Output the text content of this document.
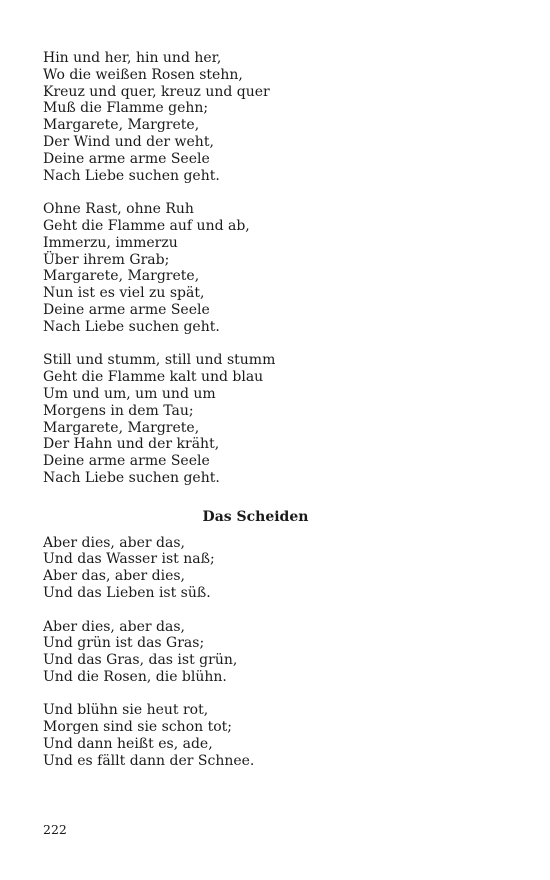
Hin und her, hin und her,
Wo die weißen Rosen stehn,
Kreuz und quer, kreuz und quer
Muß die Flamme gehn;
Margarete, Margrete,
Der Wind und der weht,
Deine arme arme Seele
Nach Liebe suchen geht.
Ohne Rast, ohne Ruh
Geht die Flamme auf und ab,
Immerzu, immerzu
Über ihrem Grab;
Margarete, Margrete,
Nun ist es viel zu spät,
Deine arme arme Seele
Nach Liebe suchen geht.
Still und stumm, still und stumm
Geht die Flamme kalt und blau
Um und um, um und um
Morgens in dem Tau;
Margarete, Margrete,
Der Hahn und der kräht,
Deine arme arme Seele
Nach Liebe suchen geht.
Das Scheiden
Aber dies, aber das,
Und das Wasser ist naß;
Aber das, aber dies,
Und das Lieben ist süß.
Aber dies, aber das,
Und grün ist das Gras;
Und das Gras, das ist grün,
Und die Rosen, die blühn.
Und blühn sie heut rot,
Morgen sind sie schon tot;
Und dann heißt es, ade,
Und es fällt dann der Schnee.
222
